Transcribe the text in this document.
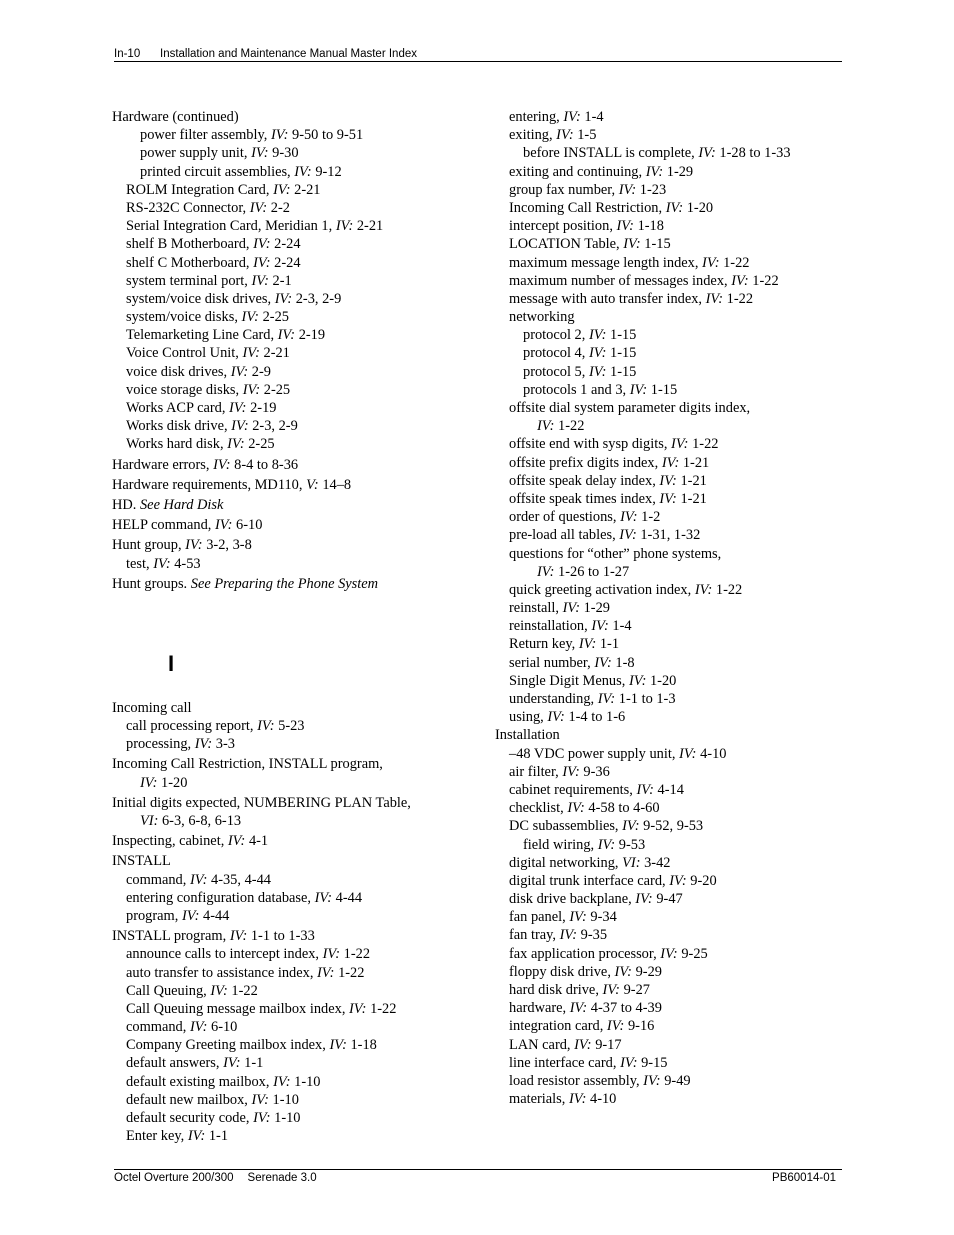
In-10 Installation and Maintenance Manual Master Index
Hardware (continued)
power filter assembly, IV: 9-50 to 9-51
power supply unit, IV: 9-30
printed circuit assemblies, IV: 9-12
ROLM Integration Card, IV: 2-21
RS-232C Connector, IV: 2-2
Serial Integration Card, Meridian 1, IV: 2-21
shelf B Motherboard, IV: 2-24
shelf C Motherboard, IV: 2-24
system terminal port, IV: 2-1
system/voice disk drives, IV: 2-3, 2-9
system/voice disks, IV: 2-25
Telemarketing Line Card, IV: 2-19
Voice Control Unit, IV: 2-21
voice disk drives, IV: 2-9
voice storage disks, IV: 2-25
Works ACP card, IV: 2-19
Works disk drive, IV: 2-3, 2-9
Works hard disk, IV: 2-25
Hardware errors, IV: 8-4 to 8-36
Hardware requirements, MD110, V: 14–8
HD. See Hard Disk
HELP command, IV: 6-10
Hunt group, IV: 3-2, 3-8
test, IV: 4-53
Hunt groups. See Preparing the Phone System
I
Incoming call
call processing report, IV: 5-23
processing, IV: 3-3
Incoming Call Restriction, INSTALL program,
IV: 1-20
Initial digits expected, NUMBERING PLAN Table,
VI: 6-3, 6-8, 6-13
Inspecting, cabinet, IV: 4-1
INSTALL
command, IV: 4-35, 4-44
entering configuration database, IV: 4-44
program, IV: 4-44
INSTALL program, IV: 1-1 to 1-33
announce calls to intercept index, IV: 1-22
auto transfer to assistance index, IV: 1-22
Call Queuing, IV: 1-22
Call Queuing message mailbox index, IV: 1-22
command, IV: 6-10
Company Greeting mailbox index, IV: 1-18
default answers, IV: 1-1
default existing mailbox, IV: 1-10
default new mailbox, IV: 1-10
default security code, IV: 1-10
Enter key, IV: 1-1
entering, IV: 1-4
exiting, IV: 1-5
before INSTALL is complete, IV: 1-28 to 1-33
exiting and continuing, IV: 1-29
group fax number, IV: 1-23
Incoming Call Restriction, IV: 1-20
intercept position, IV: 1-18
LOCATION Table, IV: 1-15
maximum message length index, IV: 1-22
maximum number of messages index, IV: 1-22
message with auto transfer index, IV: 1-22
networking
protocol 2, IV: 1-15
protocol 4, IV: 1-15
protocol 5, IV: 1-15
protocols 1 and 3, IV: 1-15
offsite dial system parameter digits index,
IV: 1-22
offsite end with sysp digits, IV: 1-22
offsite prefix digits index, IV: 1-21
offsite speak delay index, IV: 1-21
offsite speak times index, IV: 1-21
order of questions, IV: 1-2
pre-load all tables, IV: 1-31, 1-32
questions for “other” phone systems,
IV: 1-26 to 1-27
quick greeting activation index, IV: 1-22
reinstall, IV: 1-29
reinstallation, IV: 1-4
Return key, IV: 1-1
serial number, IV: 1-8
Single Digit Menus, IV: 1-20
understanding, IV: 1-1 to 1-3
using, IV: 1-4 to 1-6
Installation
–48 VDC power supply unit, IV: 4-10
air filter, IV: 9-36
cabinet requirements, IV: 4-14
checklist, IV: 4-58 to 4-60
DC subassemblies, IV: 9-52, 9-53
field wiring, IV: 9-53
digital networking, VI: 3-42
digital trunk interface card, IV: 9-20
disk drive backplane, IV: 9-47
fan panel, IV: 9-34
fan tray, IV: 9-35
fax application processor, IV: 9-25
floppy disk drive, IV: 9-29
hard disk drive, IV: 9-27
hardware, IV: 4-37 to 4-39
integration card, IV: 9-16
LAN card, IV: 9-17
line interface card, IV: 9-15
load resistor assembly, IV: 9-49
materials, IV: 4-10
Octel Overture 200/300 Serenade 3.0	PB60014-01
